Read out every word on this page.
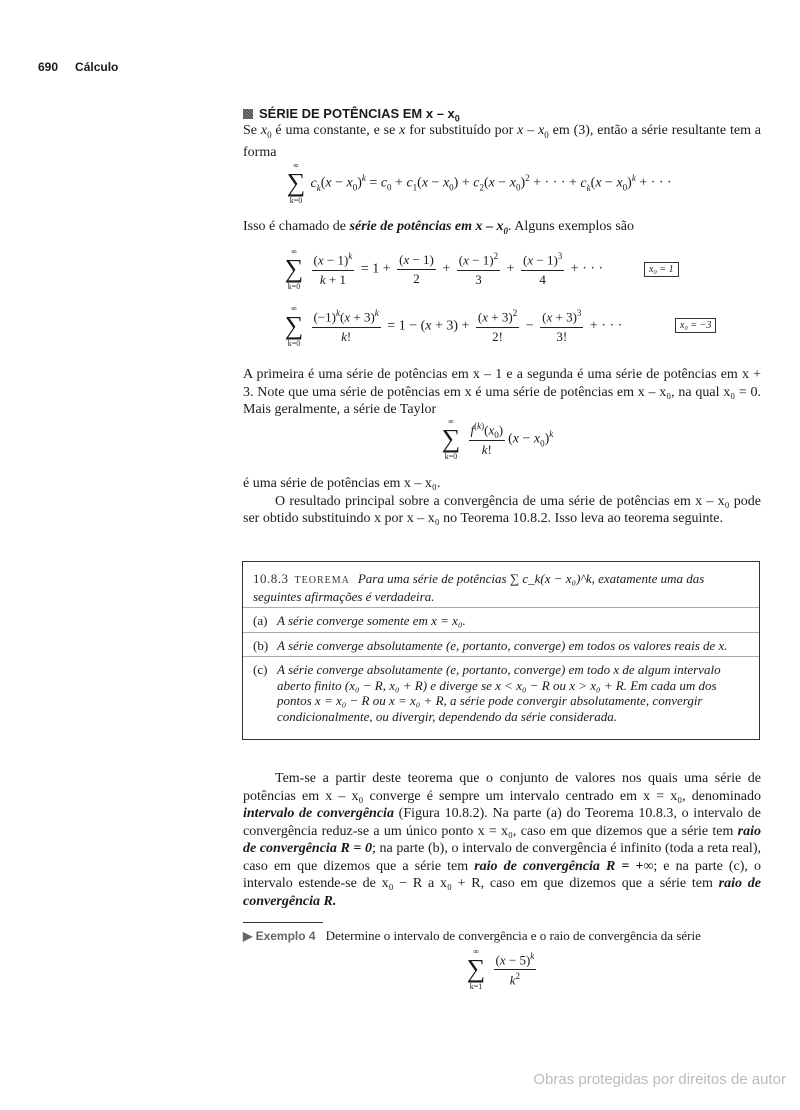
690 Cálculo
SÉRIE DE POTÊNCIAS EM x – $x_0$

Se $x_0$ é uma constante, e se x for substituído por x – $x_0$ em (3), então a série resultante tem a forma

∞
∑
k=0
$c_k(x - x_0)^k = c_0 + c_1(x - x_0) + c_2(x - x_0)^2$ + · · · + $c_k(x - x_0)^k$ + · · ·

Isso é chamado de série de potências em x – $x_0$. Alguns exemplos são

∞
∑
k=0
$\frac{(x - 1)^k}{k + 1} = 1 + \frac{(x - 1)}{2} + \frac{(x - 1)^2}{3} + \frac{(x - 1)^3}{4}$ + · · ·	x₀ = 1
∞
∑
k=0
$\frac{(-1)^k(x + 3)^k}{k!} = 1 - (x + 3) + \frac{(x + 3)^2}{2!} - \frac{(x + 3)^3}{3!}$ + · · ·	x₀ = −3

A primeira é uma série de potências em x – 1 e a segunda é uma série de potências em x + 3. Note que uma série de potências em x é uma série de potências em x – x₀, na qual x₀ = 0. Mais geralmente, a série de Taylor

∞
∑
k=0
$\frac{f^{(k)}(x_0)}{k!} (x - x_0)^k$

é uma série de potências em x – x₀.

O resultado principal sobre a convergência de uma série de potências em x – x₀ pode ser obtido substituindo x por x – x₀ no Teorema 10.8.2. Isso leva ao teorema seguinte.

10.8.3 TEOREMA Para uma série de potências ∑ c_k(x − x₀)^k, exatamente uma das seguintes afirmações é verdadeira.
(a) A série converge somente em x = x₀.
(b) A série converge absolutamente (e, portanto, converge) em todos os valores reais de x.
(c) A série converge absolutamente (e, portanto, converge) em todo x de algum intervalo aberto finito (x₀ − R, x₀ + R) e diverge se x < x₀ − R ou x > x₀ + R. Em cada um dos pontos x = x₀ − R ou x = x₀ + R, a série pode convergir absolutamente, convergir condicionalmente, ou divergir, dependendo da série considerada.

Tem-se a partir deste teorema que o conjunto de valores nos quais uma série de potências em x – x₀ converge é sempre um intervalo centrado em x = x₀, denominado intervalo de convergência (Figura 10.8.2). Na parte (a) do Teorema 10.8.3, o intervalo de convergência reduz-se a um único ponto x = x₀, caso em que dizemos que a série tem raio de convergência R = 0; na parte (b), o intervalo de convergência é infinito (toda a reta real), caso em que dizemos que a série tem raio de convergência R = +∞; e na parte (c), o intervalo estende-se de x₀ − R a x₀ + R, caso em que dizemos que a série tem raio de convergência R.

▶ Exemplo 4 Determine o intervalo de convergência e o raio de convergência da série
∞
∑
k=1
$\frac{(x - 5)^k}{k^2}$
Obras protegidas por direitos de autor
